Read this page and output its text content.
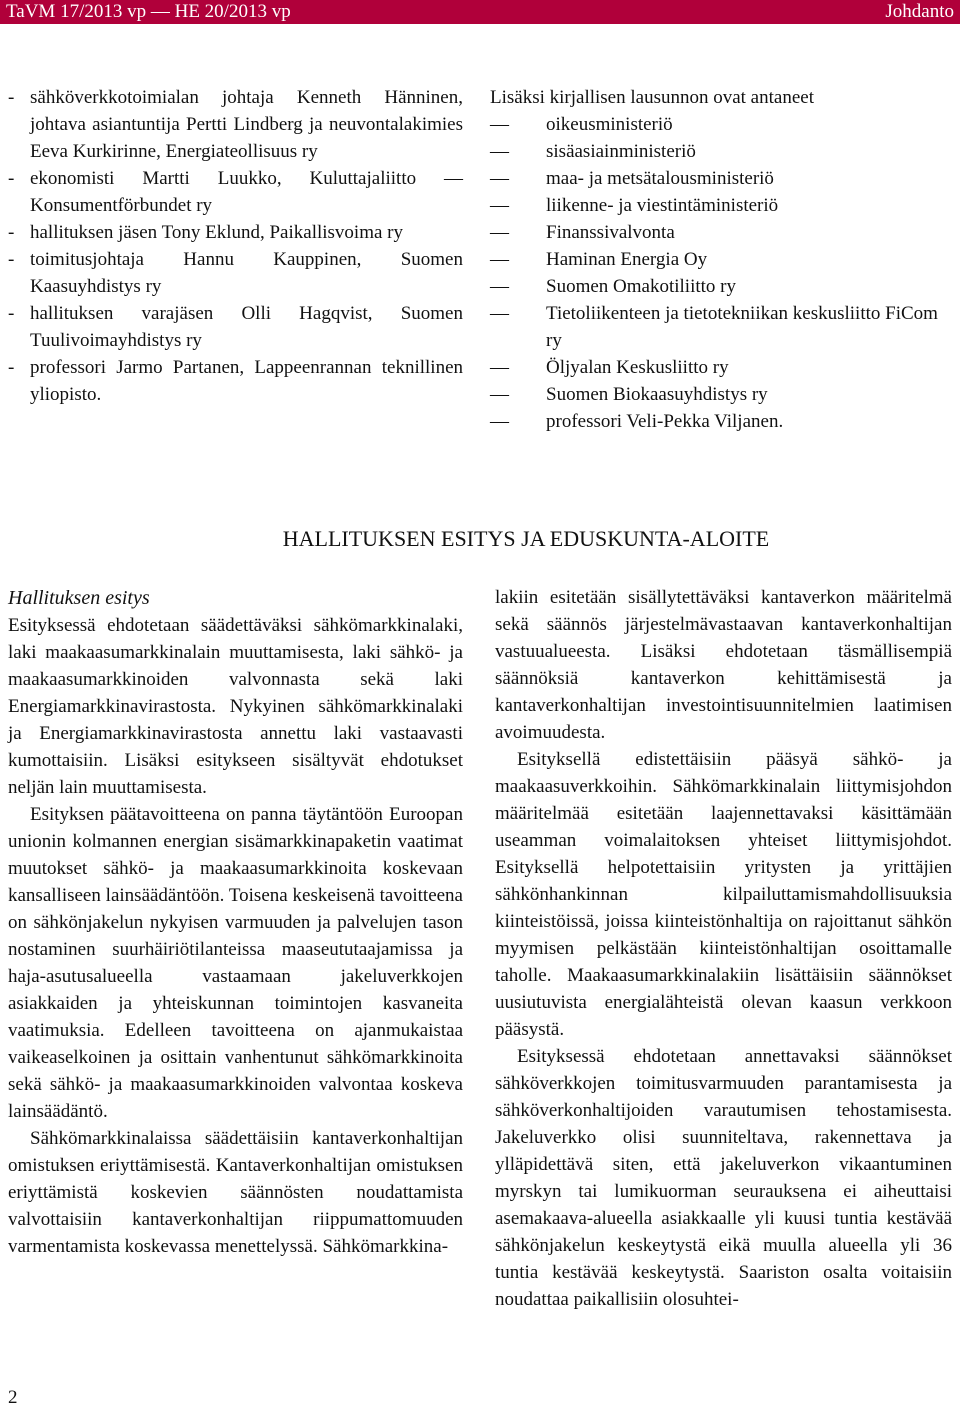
TaVM 17/2013 vp — HE 20/2013 vp	Johdanto

- sähköverkkotoimialan johtaja Kenneth Hänninen, johtava asiantuntija Pertti Lindberg ja neuvontalakimies Eeva Kurkirinne, Energiateollisuus ry

- ekonomisti Martti Luukko, Kuluttajaliitto — Konsumentförbundet ry

- hallituksen jäsen Tony Eklund, Paikallisvoima ry

- toimitusjohtaja Hannu Kauppinen, Suomen Kaasuyhdistys ry

- hallituksen varajäsen Olli Hagqvist, Suomen Tuulivoimayhdistys ry

- professori Jarmo Partanen, Lappeenrannan teknillinen yliopisto.

Lisäksi kirjallisen lausunnon ovat antaneet

— oikeusministeriö

— sisäasiainministeriö

— maa- ja metsätalousministeriö

— liikenne- ja viestintäministeriö

— Finanssivalvonta

— Haminan Energia Oy

— Suomen Omakotiliitto ry

— Tietoliikenteen ja tietotekniikan keskusliitto FiCom ry

— Öljyalan Keskusliitto ry

— Suomen Biokaasuyhdistys ry

— professori Veli-Pekka Viljanen.

HALLITUKSEN ESITYS JA EDUSKUNTA-ALOITE

Hallituksen esitys

Esityksessä ehdotetaan säädettäväksi sähkömarkkinalaki, laki maakaasumarkkinalain muuttamisesta, laki sähkö- ja maakaasumarkkinoiden valvonnasta sekä laki Energiamarkkinavirastosta. Nykyinen sähkömarkkinalaki ja Energiamarkkinavirastosta annettu laki vastaavasti kumottaisiin. Lisäksi esitykseen sisältyvät ehdotukset neljän lain muuttamisesta.

Esityksen päätavoitteena on panna täytäntöön Euroopan unionin kolmannen energian sisämarkkinapaketin vaatimat muutokset sähkö- ja maakaasumarkkinoita koskevaan kansalliseen lainsäädäntöön. Toisena keskeisenä tavoitteena on sähkönjakelun nykyisen varmuuden ja palvelujen tason nostaminen suurhäiriötilanteissa maaseututaajamissa ja haja-asutusalueella vastaamaan jakeluverkkojen asiakkaiden ja yhteiskunnan toimintojen kasvaneita vaatimuksia. Edelleen tavoitteena on ajanmukaistaa vaikeaselkoinen ja osittain vanhentunut sähkömarkkinoita sekä sähkö- ja maakaasumarkkinoiden valvontaa koskeva lainsäädäntö.

Sähkömarkkinalaissa säädettäisiin kantaverkonhaltijan omistuksen eriyttämisestä. Kantaverkonhaltijan omistuksen eriyttämistä koskevien säännösten noudattamista valvottaisiin kantaverkonhaltijan riippumattomuuden varmentamista koskevassa menettelyssä. Sähkömarkkina-

lakiin esitetään sisällytettäväksi kantaverkon määritelmä sekä säännös järjestelmävastaavan kantaverkonhaltijan vastuualueesta. Lisäksi ehdotetaan täsmällisempiä säännöksiä kantaverkon kehittämisestä ja kantaverkonhaltijan investointisuunnitelmien laatimisen avoimuudesta.

Esityksellä edistettäisiin pääsyä sähkö- ja maakaasuverkkoihin. Sähkömarkkinalain liittymisjohdon määritelmää esitetään laajennettavaksi käsittämään useamman voimalaitoksen yhteiset liittymisjohdot. Esityksellä helpotettaisiin yritysten ja yrittäjien sähkönhankinnan kilpailuttamismahdollisuuksia kiinteistöissä, joissa kiinteistönhaltija on rajoittanut sähkön myymisen pelkästään kiinteistönhaltijan osoittamalle taholle. Maakaasumarkkinalakiin lisättäisiin säännökset uusiutuvista energialähteistä olevan kaasun verkkoon pääsystä.

Esityksessä ehdotetaan annettavaksi säännökset sähköverkkojen toimitusvarmuuden parantamisesta ja sähköverkonhaltijoiden varautumisen tehostamisesta. Jakeluverkko olisi suunniteltava, rakennettava ja ylläpidettävä siten, että jakeluverkon vikaantuminen myrskyn tai lumikuorman seurauksena ei aiheuttaisi asemakaava-alueella asiakkaalle yli kuusi tuntia kestävää sähkönjakelun keskeytystä eikä muulla alueella yli 36 tuntia kestävää keskeytystä. Saariston osalta voitaisiin noudattaa paikallisiin olosuhtei-

2
